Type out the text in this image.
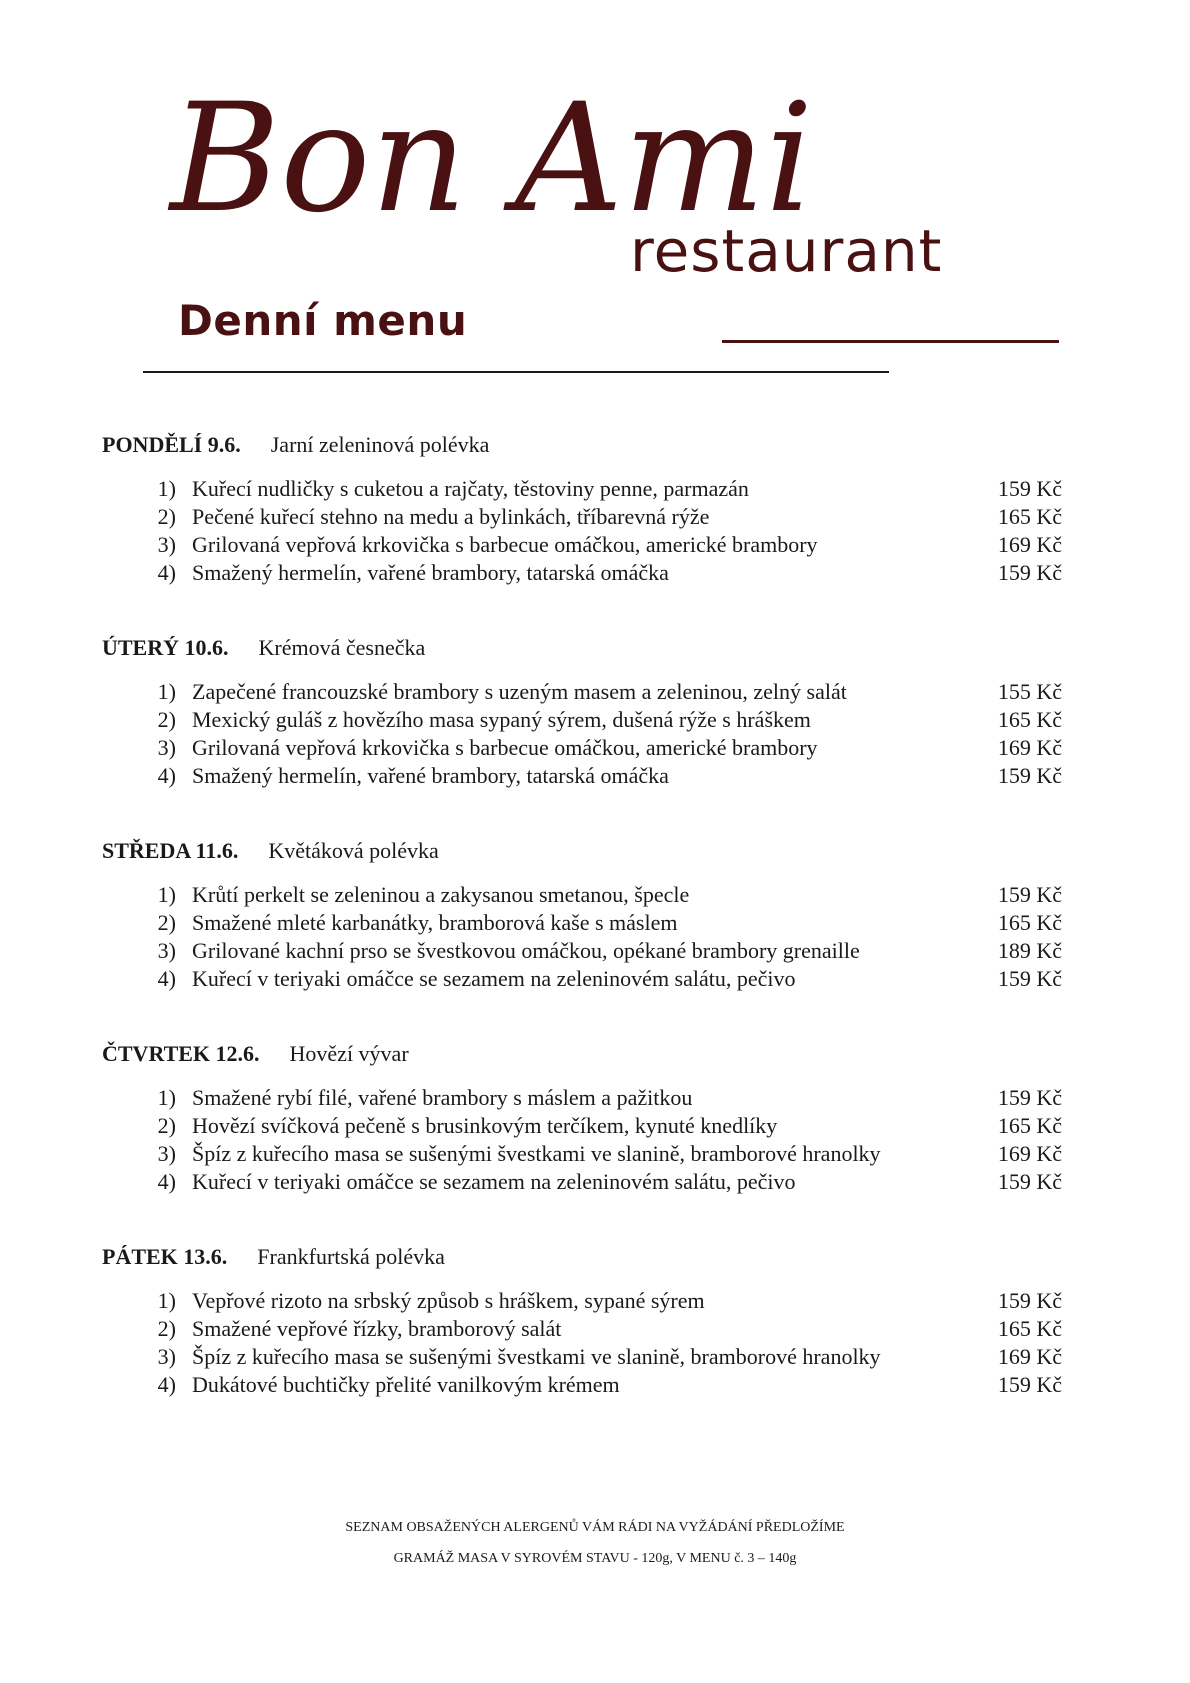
Bon Ami
restaurant
Denní menu
PONDĚLÍ 9.6. Jarní zeleninová polévka
1) Kuřecí nudličky s cuketou a rajčaty, těstoviny penne, parmazán	159 Kč
2) Pečené kuřecí stehno na medu a bylinkách, tříbarevná rýže	165 Kč
3) Grilovaná vepřová krkovička s barbecue omáčkou, americké brambory	169 Kč
4) Smažený hermelín, vařené brambory, tatarská omáčka	159 Kč
ÚTERÝ 10.6. Krémová česnečka
1) Zapečené francouzské brambory s uzeným masem a zeleninou, zelný salát	155 Kč
2) Mexický guláš z hovězího masa sypaný sýrem, dušená rýže s hráškem	165 Kč
3) Grilovaná vepřová krkovička s barbecue omáčkou, americké brambory	169 Kč
4) Smažený hermelín, vařené brambory, tatarská omáčka	159 Kč
STŘEDA 11.6. Květáková polévka
1) Krůtí perkelt se zeleninou a zakysanou smetanou, špecle	159 Kč
2) Smažené mleté karbanátky, bramborová kaše s máslem	165 Kč
3) Grilované kachní prso se švestkovou omáčkou, opékané brambory grenaille	189 Kč
4) Kuřecí v teriyaki omáčce se sezamem na zeleninovém salátu, pečivo	159 Kč
ČTVRTEK 12.6. Hovězí vývar
1) Smažené rybí filé, vařené brambory s máslem a pažitkou	159 Kč
2) Hovězí svíčková pečeně s brusinkovým terčíkem, kynuté knedlíky	165 Kč
3) Špíz z kuřecího masa se sušenými švestkami ve slanině, bramborové hranolky	169 Kč
4) Kuřecí v teriyaki omáčce se sezamem na zeleninovém salátu, pečivo	159 Kč
PÁTEK 13.6. Frankfurtská polévka
1) Vepřové rizoto na srbský způsob s hráškem, sypané sýrem	159 Kč
2) Smažené vepřové řízky, bramborový salát	165 Kč
3) Špíz z kuřecího masa se sušenými švestkami ve slanině, bramborové hranolky	169 Kč
4) Dukátové buchtičky přelité vanilkovým krémem	159 Kč
SEZNAM OBSAŽENÝCH ALERGENŮ VÁM RÁDI NA VYŽÁDÁNÍ PŘEDLOŽÍME
GRAMÁŽ MASA V SYROVÉM STAVU - 120g, V MENU č. 3 – 140g
